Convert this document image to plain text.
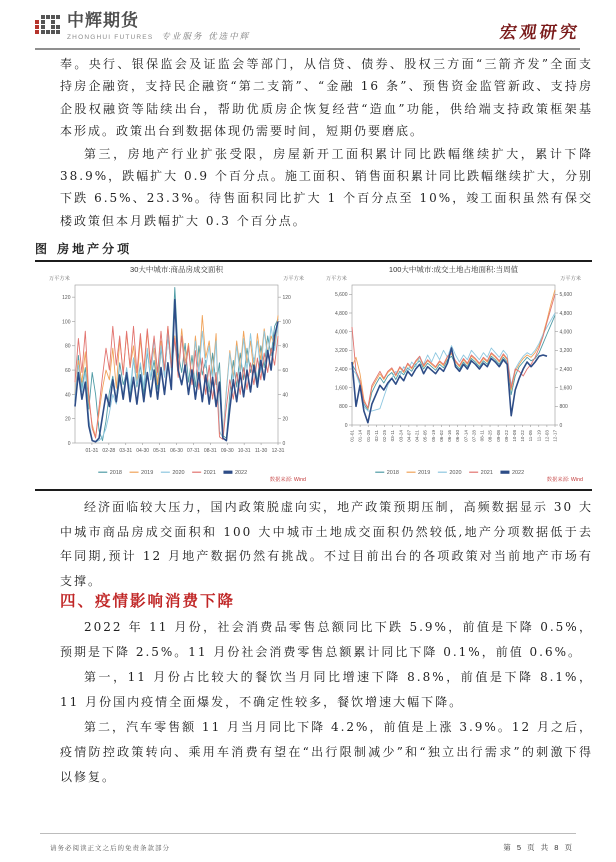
中辉期货
ZHONGHUI FUTURES 专业服务 优选中辉	宏观研究

奉。央行、银保监会及证监会等部门，从信贷、债券、股权三方面“三箭齐发”全面支持房企融资，支持民企融资“第二支箭”、“金融 16 条”、预售资金监管新政、支持房企股权融资等陆续出台，帮助优质房企恢复经营“造血”功能，供给端支持政策框架基本形成。政策出台到数据体现仍需要时间，短期仍要磨底。

第三，房地产行业扩张受限，房屋新开工面积累计同比跌幅继续扩大，累计下降 38.9%，跌幅扩大 0.9 个百分点。施工面积、销售面积累计同比跌幅继续扩大，分别下跌 6.5%、23.3%。待售面积同比扩大 1 个百分点至 10%，竣工面积虽然有保交楼政策但本月跌幅扩大 0.3 个百分点。

图 房地产分项
30大中城市:商品房成交面积
万平方米	万平方米
0	0
20	20
40	40
60	60
80	80
100	100
120	120
01-31 02-28 03-31 04-30 05-31 06-30 07-31 08-31 09-30 10-31 11-30 12-31
2018	2019	2020	2021	2022
数据来源: Wind
100大中城市:成交土地占地面积:当周值
万平方米	万平方米
0	0
800	800
1,600	1,600
2,400	2,400
3,200	3,200
4,000	4,000
4,800	4,800
5,600	5,600
01-01 01-14 01-28 02-11 02-25 03-11 03-24 04-07 04-21 05-05 05-19 06-02 06-16 06-30 07-14 07-28 08-11 08-25 09-08 09-22 10-08 10-22 11-05 11-19 12-03 12-17
2018	2019	2020	2021	2022
数据来源: Wind

经济面临较大压力，国内政策脱虚向实，地产政策预期压制，高频数据显示 30 大中城市商品房成交面积和 100 大中城市土地成交面积仍然较低,地产分项数据低于去年同期,预计 12 月地产数据仍然有挑战。不过目前出台的各项政策对当前地产市场有支撑。

四、疫情影响消费下降

2022 年 11 月份，社会消费品零售总额同比下跌 5.9%，前值是下降 0.5%，预期是下降 2.5%。11 月份社会消费零售总额累计同比下降 0.1%，前值 0.6%。

第一，11 月份占比较大的餐饮当月同比增速下降 8.8%，前值是下降 8.1%，11 月份国内疫情全面爆发，不确定性较多，餐饮增速大幅下降。

第二，汽车零售额 11 月当月同比下降 4.2%，前值是上涨 3.9%。12 月之后，疫情防控政策转向、乘用车消费有望在“出行限制减少”和“独立出行需求”的刺激下得以修复。

请务必阅读正文之后的免责条款部分	第 5 页 共 8 页
